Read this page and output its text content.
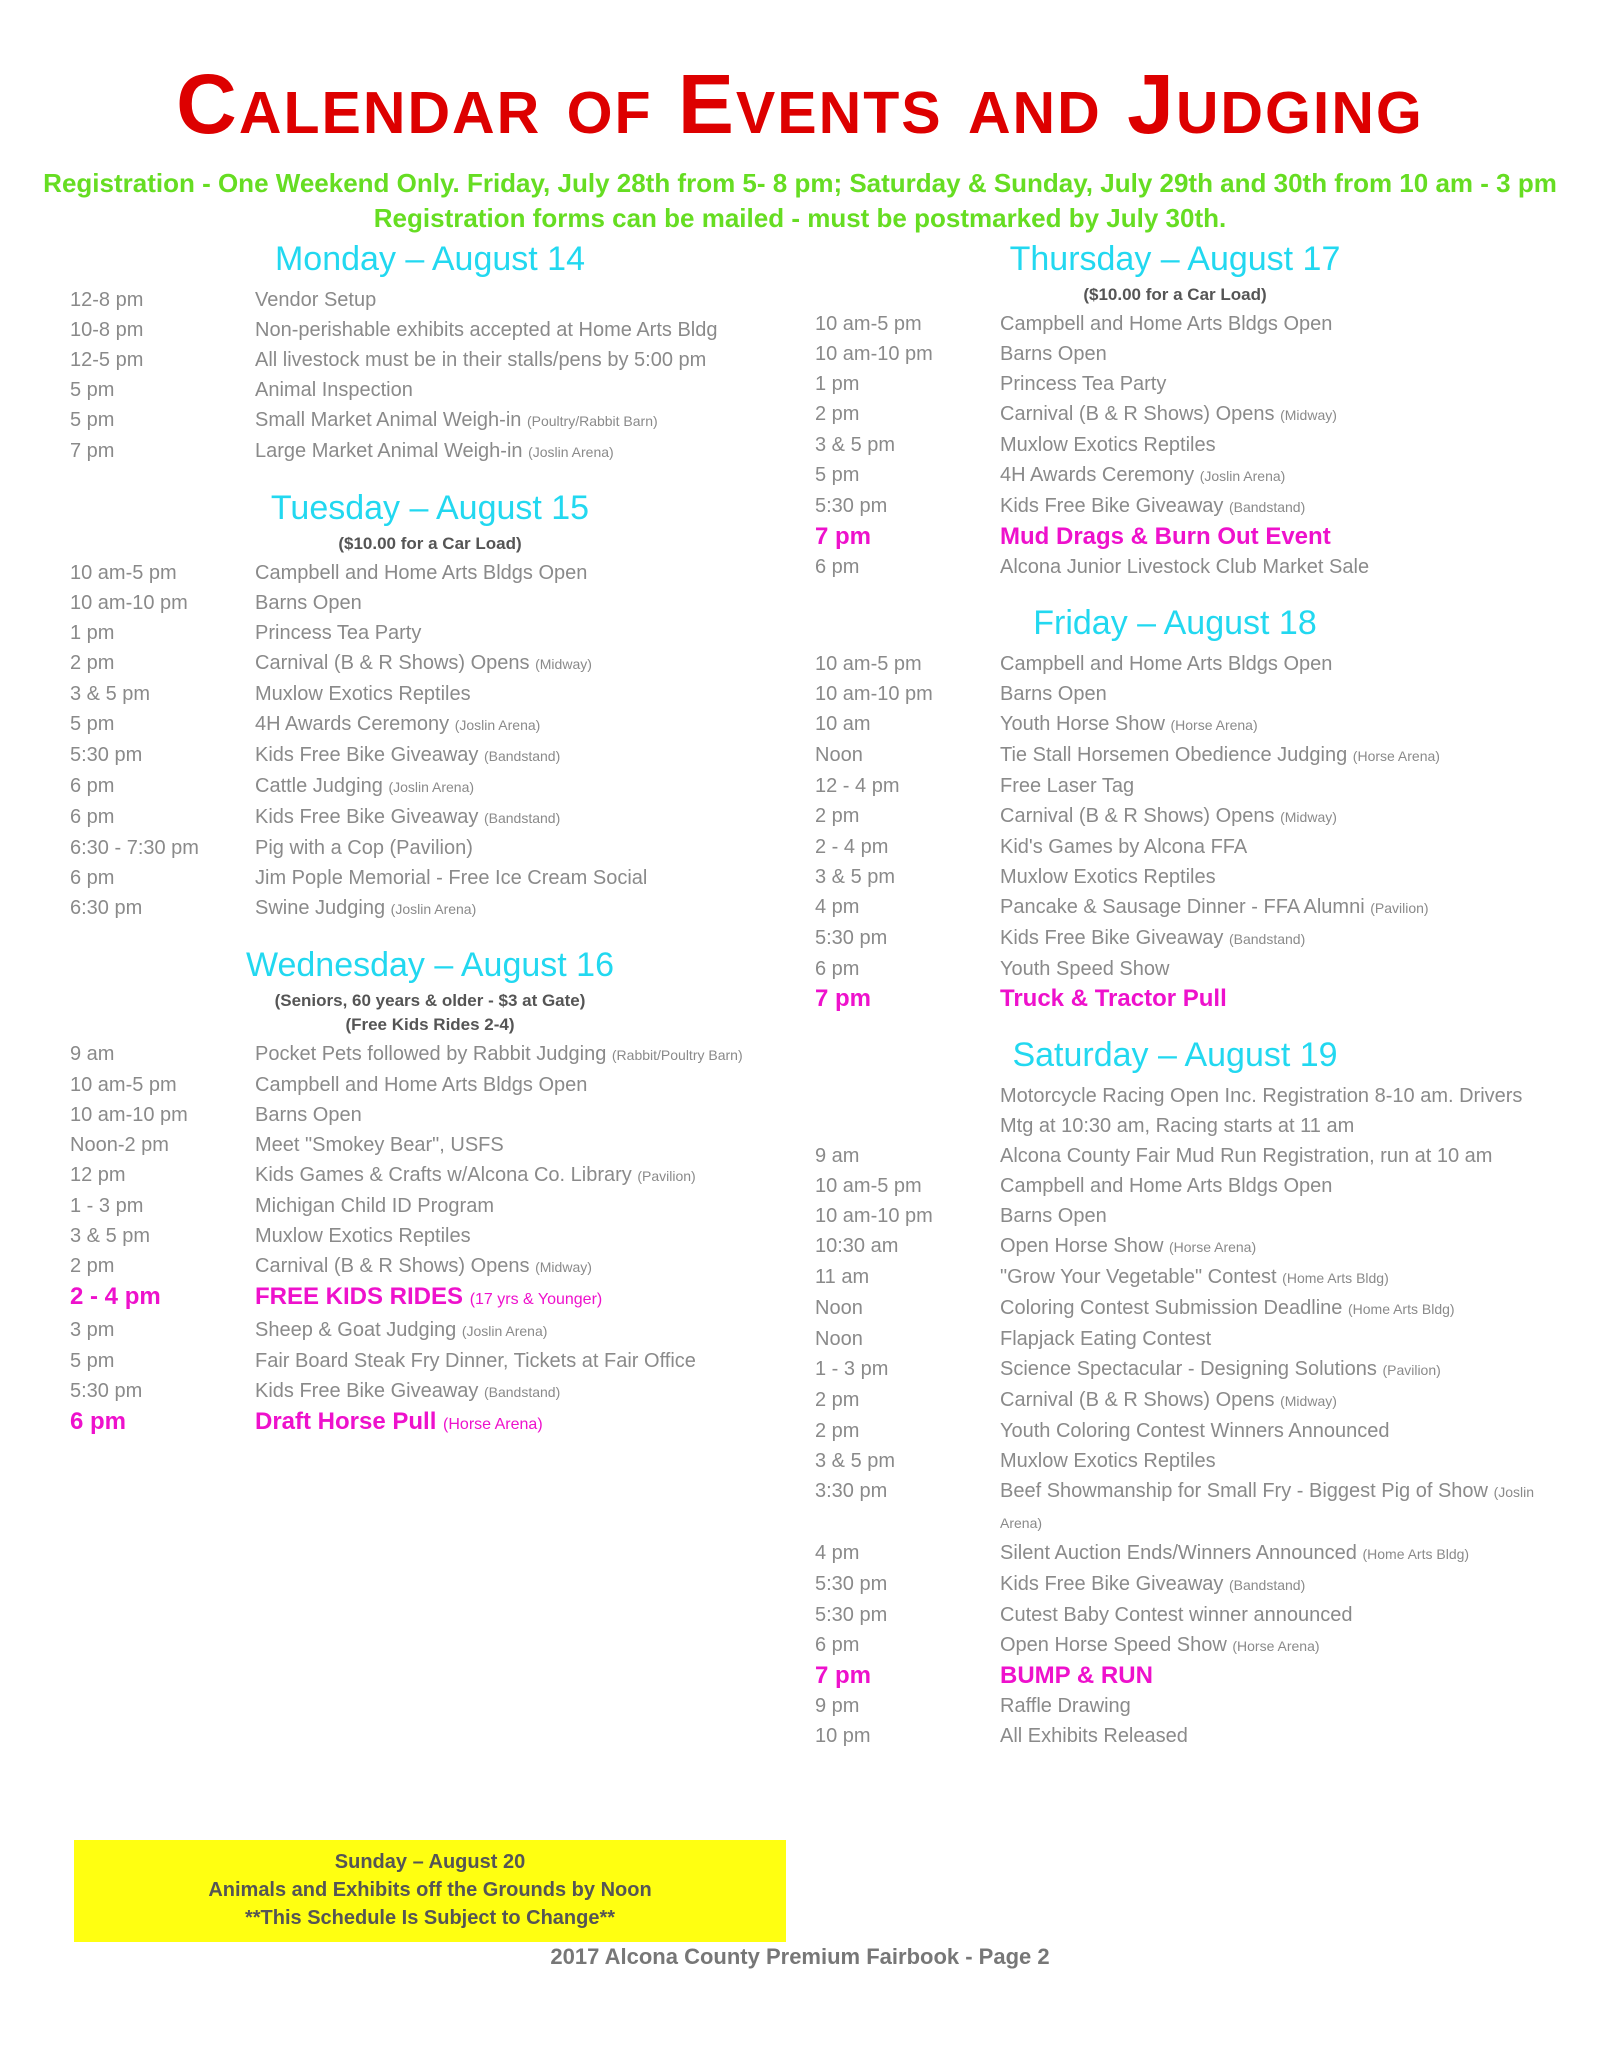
Calendar of Events and Judging
Registration - One Weekend Only. Friday, July 28th from 5- 8 pm; Saturday & Sunday, July 29th and 30th from 10 am - 3 pm
Registration forms can be mailed - must be postmarked by July 30th.
Monday – August 14
12-8 pm	Vendor Setup
10-8 pm	Non-perishable exhibits accepted at Home Arts Bldg
12-5 pm	All livestock must be in their stalls/pens by 5:00 pm
5 pm	Animal Inspection
5 pm	Small Market Animal Weigh-in (Poultry/Rabbit Barn)
7 pm	Large Market Animal Weigh-in (Joslin Arena)
Tuesday – August 15
($10.00 for a Car Load)
10 am-5 pm	Campbell and Home Arts Bldgs Open
10 am-10 pm	Barns Open
1 pm	Princess Tea Party
2 pm	Carnival (B & R Shows) Opens (Midway)
3 & 5 pm	Muxlow Exotics Reptiles
5 pm	4H Awards Ceremony (Joslin Arena)
5:30 pm	Kids Free Bike Giveaway (Bandstand)
6 pm	Cattle Judging (Joslin Arena)
6 pm	Kids Free Bike Giveaway (Bandstand)
6:30 - 7:30 pm	Pig with a Cop (Pavilion)
6 pm	Jim Pople Memorial - Free Ice Cream Social
6:30 pm	Swine Judging (Joslin Arena)
Wednesday – August 16
(Seniors, 60 years & older - $3 at Gate)
(Free Kids Rides 2-4)
9 am	Pocket Pets followed by Rabbit Judging (Rabbit/Poultry Barn)
10 am-5 pm	Campbell and Home Arts Bldgs Open
10 am-10 pm	Barns Open
Noon-2 pm	Meet "Smokey Bear", USFS
12 pm	Kids Games & Crafts w/Alcona Co. Library (Pavilion)
1 - 3 pm	Michigan Child ID Program
3 & 5 pm	Muxlow Exotics Reptiles
2 pm	Carnival (B & R Shows) Opens (Midway)
2 - 4 pm	FREE KIDS RIDES (17 yrs & Younger)
3 pm	Sheep & Goat Judging (Joslin Arena)
5 pm	Fair Board Steak Fry Dinner, Tickets at Fair Office
5:30 pm	Kids Free Bike Giveaway (Bandstand)
6 pm	Draft Horse Pull (Horse Arena)
Thursday – August 17
($10.00 for a Car Load)
10 am-5 pm	Campbell and Home Arts Bldgs Open
10 am-10 pm	Barns Open
1 pm	Princess Tea Party
2 pm	Carnival (B & R Shows) Opens (Midway)
3 & 5 pm	Muxlow Exotics Reptiles
5 pm	4H Awards Ceremony (Joslin Arena)
5:30 pm	Kids Free Bike Giveaway (Bandstand)
7 pm	Mud Drags & Burn Out Event
6 pm	Alcona Junior Livestock Club Market Sale
Friday – August 18
10 am-5 pm	Campbell and Home Arts Bldgs Open
10 am-10 pm	Barns Open
10 am	Youth Horse Show (Horse Arena)
Noon	Tie Stall Horsemen Obedience Judging (Horse Arena)
12 - 4 pm	Free Laser Tag
2 pm	Carnival (B & R Shows) Opens (Midway)
2 - 4 pm	Kid's Games by Alcona FFA
3 & 5 pm	Muxlow Exotics Reptiles
4 pm	Pancake & Sausage Dinner - FFA Alumni (Pavilion)
5:30 pm	Kids Free Bike Giveaway (Bandstand)
6 pm	Youth Speed Show
7 pm	Truck & Tractor Pull
Saturday – August 19
Motorcycle Racing Open Inc. Registration 8-10 am. Drivers Mtg at 10:30 am, Racing starts at 11 am
9 am	Alcona County Fair Mud Run Registration, run at 10 am
10 am-5 pm	Campbell and Home Arts Bldgs Open
10 am-10 pm	Barns Open
10:30 am	Open Horse Show (Horse Arena)
11 am	"Grow Your Vegetable" Contest (Home Arts Bldg)
Noon	Coloring Contest Submission Deadline (Home Arts Bldg)
Noon	Flapjack Eating Contest
1 - 3 pm	Science Spectacular - Designing Solutions (Pavilion)
2 pm	Carnival (B & R Shows) Opens (Midway)
2 pm	Youth Coloring Contest Winners Announced
3 & 5 pm	Muxlow Exotics Reptiles
3:30 pm	Beef Showmanship for Small Fry - Biggest Pig of Show (Joslin Arena)
4 pm	Silent Auction Ends/Winners Announced (Home Arts Bldg)
5:30 pm	Kids Free Bike Giveaway (Bandstand)
5:30 pm	Cutest Baby Contest winner announced
6 pm	Open Horse Speed Show (Horse Arena)
7 pm	BUMP & RUN
9 pm	Raffle Drawing
10 pm	All Exhibits Released
Sunday – August 20
Animals and Exhibits off the Grounds by Noon
**This Schedule Is Subject to Change**
2017 Alcona County Premium Fairbook - Page 2
